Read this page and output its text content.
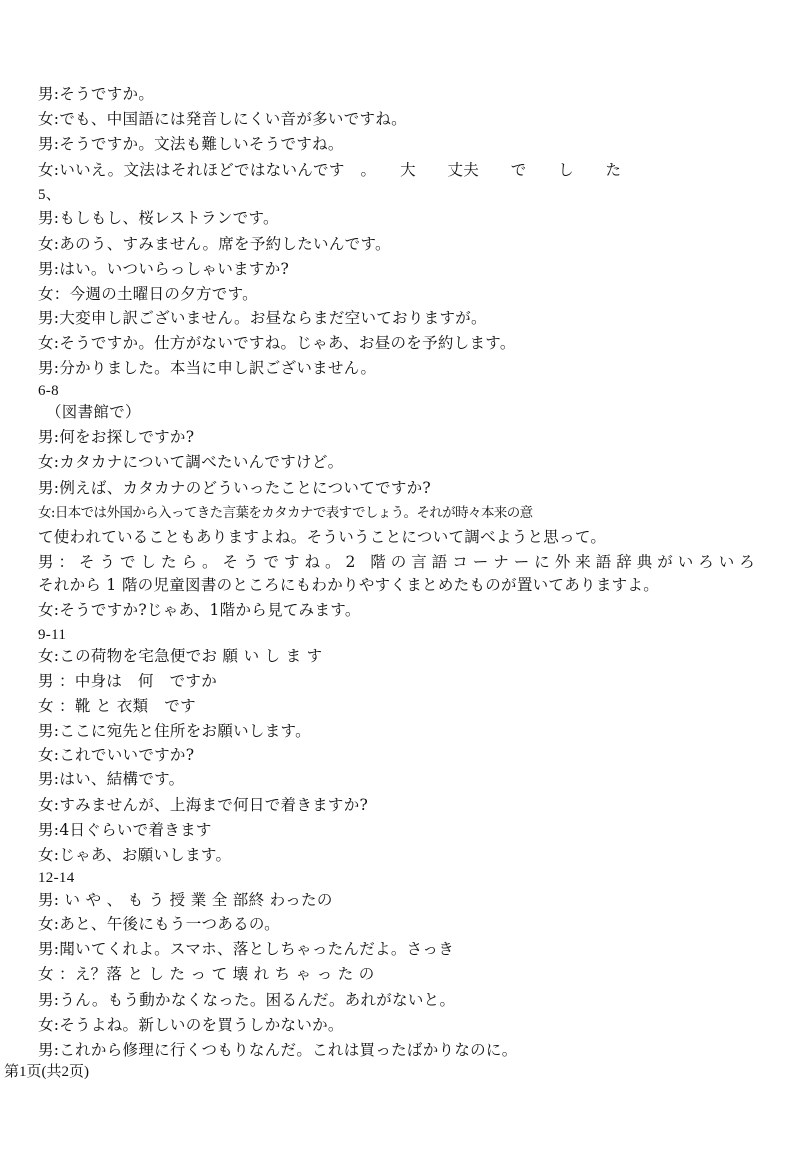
男:そうですか。
女:でも、中国語には発音しにくい音が多いですね。
男:そうですか。文法も難しいそうですね。
女:いいえ。文法はそれほどではないんです　。　　大　　丈夫　　で　　し　　た
5、
男:もしもし、桜レストランです。
女:あのう、すみません。席を予約したいんです。
男:はい。いついらっしゃいますか?
女：今週の土曜日の夕方です。
男:大変申し訳ございません。お昼ならまだ空いておりますが。
女:そうですか。仕方がないですね。じゃあ、お昼のを予約します。
男:分かりました。本当に申し訳ございません。
6-8
（図書館で）
男:何をお探しですか?
女:カタカナについて調べたいんですけど。
男:例えば、カタカナのどういったことについてですか?
女:日本では外国から入ってきた言葉をカタカナで表すでしょう。それが時々本来の意
て使われていることもありますよね。そういうことについて調べようと思って。
男：そうでしたら。そうですね。2 階の言語コーナーに外来語辞典がいろいろ
それから 1 階の児童図書のところにもわかりやすくまとめたものが置いてありますよ。
女:そうですか?じゃあ、1階から見てみます。
9-11
女:この荷物を宅急便でお 願 い し ま す
男 ：中身は　何　ですか
女 ：靴 と 衣類　です
男:ここに宛先と住所をお願いします。
女:これでいいですか?
男:はい、結構です。
女:すみませんが、上海まで何日で着きますか?
男:4日ぐらいで着きます
女:じゃあ、お願いします。
12-14
男: い や 、 も う 授 業 全 部終 わったの
女:あと、午後にもう一つあるの。
男:聞いてくれよ。スマホ、落としちゃったんだよ。さっき
女 ：え？落 と し た っ て 壊 れ ち ゃ っ た の
男:うん。もう動かなくなった。困るんだ。あれがないと。
女:そうよね。新しいのを買うしかないか。
男:これから修理に行くつもりなんだ。これは買ったばかりなのに。
第1页(共2页)
